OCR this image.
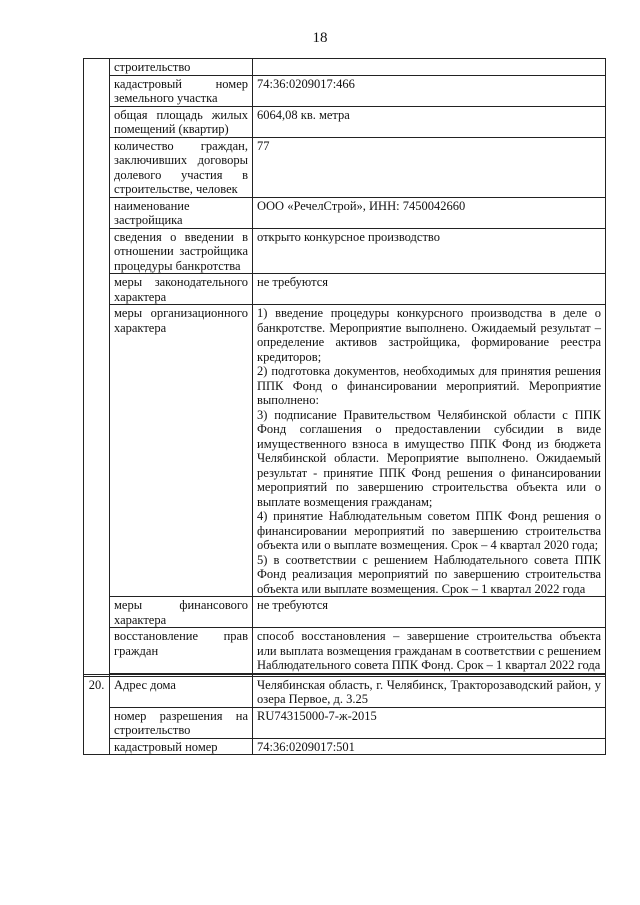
18
	строительство	
	кадастровый номер земельного участка	74:36:0209017:466
	общая площадь жилых помещений (квартир)	6064,08 кв. метра
	количество граждан, заключивших договоры долевого участия в строительстве, человек	77
	наименование застройщика	ООО «РечелСтрой», ИНН: 7450042660
	сведения о введении в отношении застройщика процедуры банкротства	открыто конкурсное производство
	меры законодательного характера	не требуются
	меры организационного характера	1) введение процедуры конкурсного производства в деле о банкротстве. Мероприятие выполнено. Ожидаемый результат – определение активов застройщика, формирование реестра кредиторов;
2) подготовка документов, необходимых для принятия решения ППК Фонд о финансировании мероприятий. Мероприятие выполнено:
3) подписание Правительством Челябинской области с ППК Фонд соглашения о предоставлении субсидии в виде имущественного взноса в имущество ППК Фонд из бюджета Челябинской области. Мероприятие выполнено. Ожидаемый результат - принятие ППК Фонд решения о финансировании мероприятий по завершению строительства объекта или о выплате возмещения гражданам;
4) принятие Наблюдательным советом ППК Фонд решения о финансировании мероприятий по завершению строительства объекта или о выплате возмещения. Срок – 4 квартал 2020 года;
5) в соответствии с решением Наблюдательного совета ППК Фонд реализация мероприятий по завершению строительства объекта или выплате возмещения. Срок – 1 квартал 2022 года

	меры финансового характера	не требуются
	восстановление прав граждан	способ восстановления – завершение строительства объекта или выплата возмещения гражданам в соответствии с решением Наблюдательного совета ППК Фонд. Срок – 1 квартал 2022 года

20.	Адрес дома	Челябинская область, г. Челябинск, Тракторозаводский район, у озера Первое, д. 3.25
	номер разрешения на строительство	RU74315000-7-ж-2015
	кадастровый номер	74:36:0209017:501
